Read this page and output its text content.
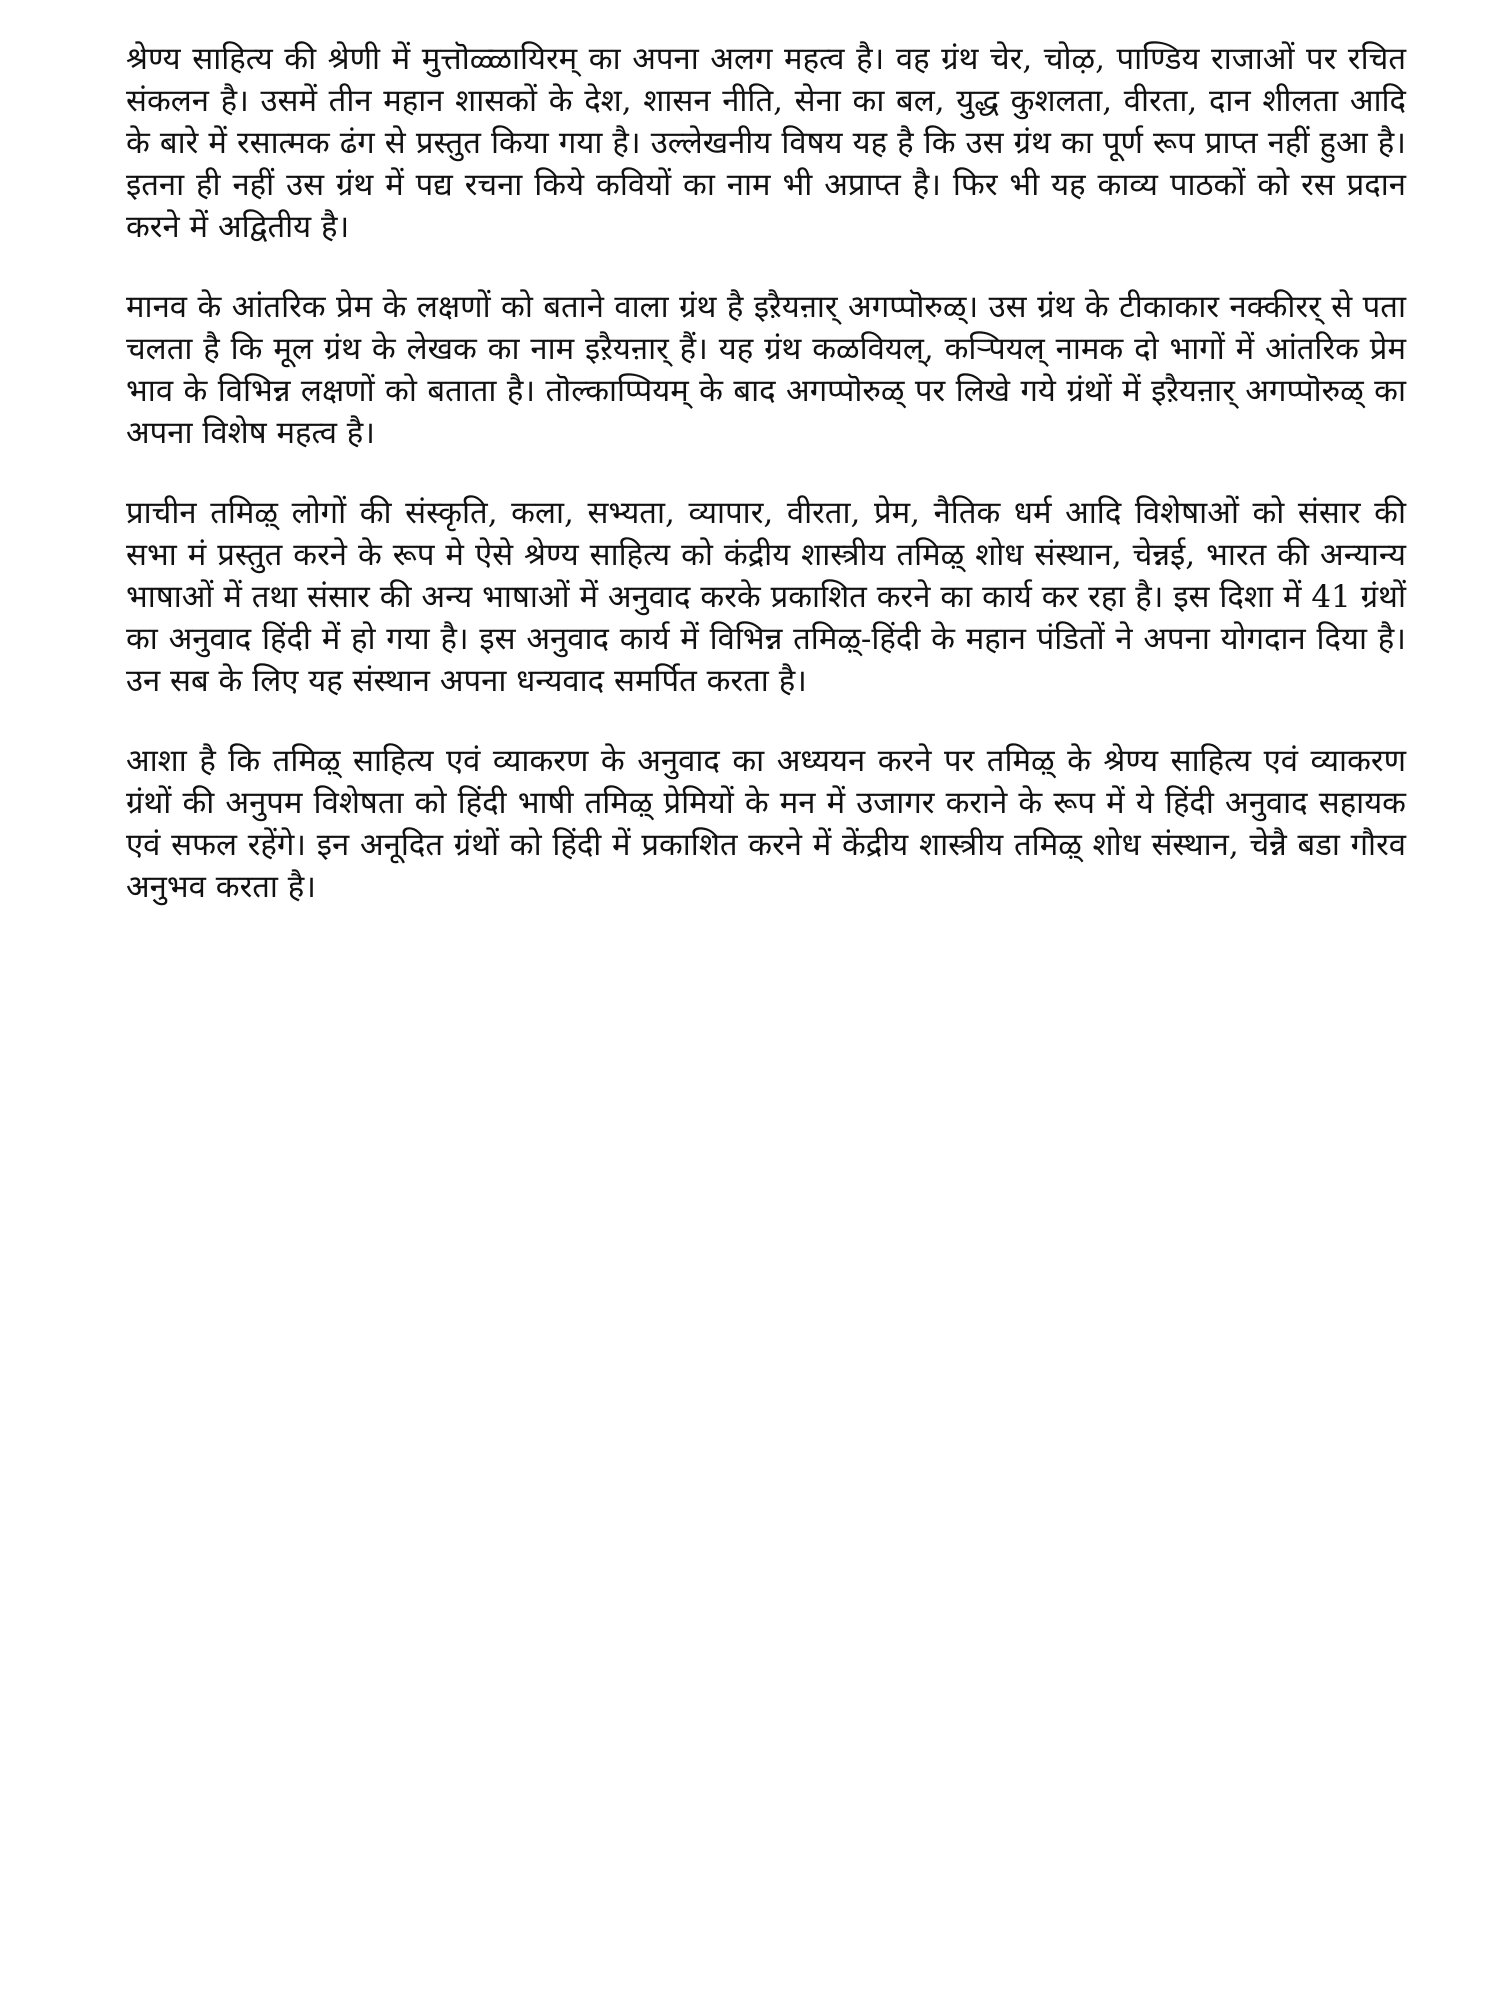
श्रेण्य साहित्य की श्रेणी में मुत्तॊळ्ळायिरम् का अपना अलग महत्व है। वह ग्रंथ चेर, चोऴ, पाण्डिय राजाओं पर रचित संकलन है। उसमें तीन महान शासकों के देश, शासन नीति, सेना का बल, युद्ध कुशलता, वीरता, दान शीलता आदि के बारे में रसात्मक ढंग से प्रस्तुत किया गया है। उल्लेखनीय विषय यह है कि उस ग्रंथ का पूर्ण रूप प्राप्त नहीं हुआ है। इतना ही नहीं उस ग्रंथ में पद्य रचना किये कवियों का नाम भी अप्राप्त है। फिर भी यह काव्य पाठकों को रस प्रदान करने में अद्वितीय है।

मानव के आंतरिक प्रेम के लक्षणों को बताने वाला ग्रंथ है इऱैयऩार् अगप्पॊरुळ्। उस ग्रंथ के टीकाकार नक्कीरर् से पता चलता है कि मूल ग्रंथ के लेखक का नाम इऱैयऩार् हैं। यह ग्रंथ कळवियल्, कऱ्पियल् नामक दो भागों में आंतरिक प्रेम भाव के विभिन्न लक्षणों को बताता है। तॊल्काप्पियम् के बाद अगप्पॊरुळ् पर लिखे गये ग्रंथों में इऱैयऩार् अगप्पॊरुळ् का अपना विशेष महत्व है।

प्राचीन तमिऴ् लोगों की संस्कृति, कला, सभ्यता, व्यापार, वीरता, प्रेम, नैतिक धर्म आदि विशेषाओं को संसार की सभा मं प्रस्तुत करने के रूप मे ऐसे श्रेण्य साहित्य को कंद्रीय शास्त्रीय तमिऴ् शोध संस्थान, चेन्नई, भारत की अन्यान्य भाषाओं में तथा संसार की अन्य भाषाओं में अनुवाद करके प्रकाशित करने का कार्य कर रहा है। इस दिशा में 41 ग्रंथों का अनुवाद हिंदी में हो गया है। इस अनुवाद कार्य में विभिन्न तमिऴ्-हिंदी के महान पंडितों ने अपना योगदान दिया है। उन सब के लिए यह संस्थान अपना धन्यवाद समर्पित करता है।

आशा है कि तमिऴ् साहित्य एवं व्याकरण के अनुवाद का अध्ययन करने पर तमिऴ् के श्रेण्य साहित्य एवं व्याकरण ग्रंथों की अनुपम विशेषता को हिंदी भाषी तमिऴ् प्रेमियों के मन में उजागर कराने के रूप में ये हिंदी अनुवाद सहायक एवं सफल रहेंगे। इन अनूदित ग्रंथों को हिंदी में प्रकाशित करने में केंद्रीय शास्त्रीय तमिऴ् शोध संस्थान, चेन्नै बडा गौरव अनुभव करता है।
